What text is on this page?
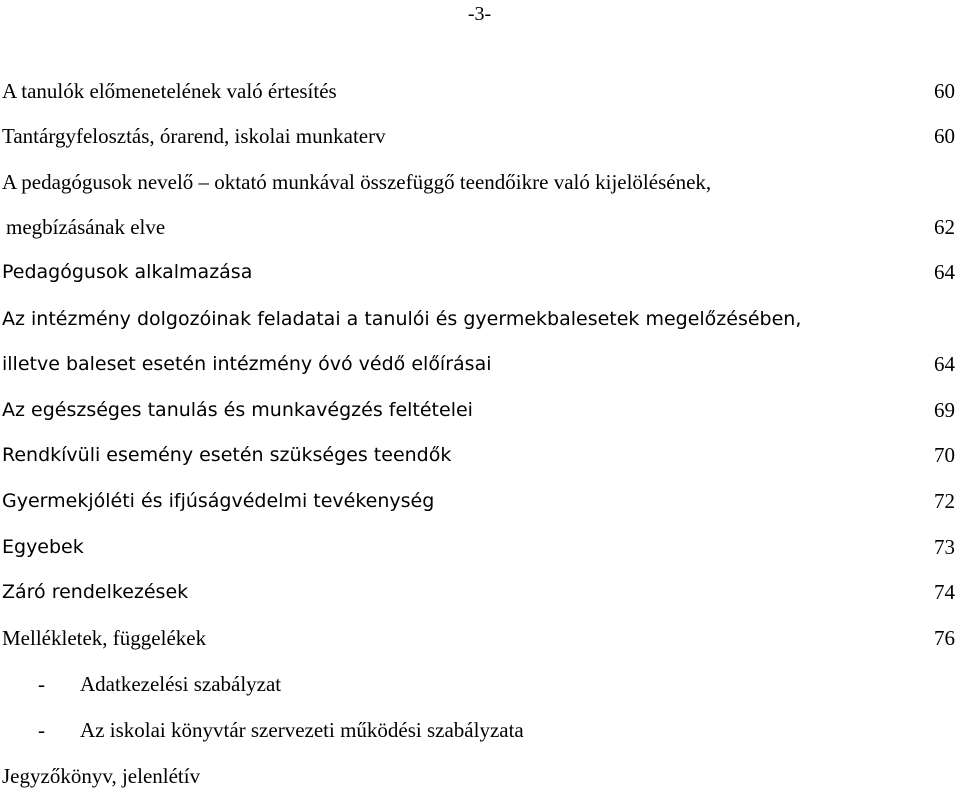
-3-
A tanulók előmenetelének való értesítés	60
Tantárgyfelosztás, órarend, iskolai munkaterv	60
A pedagógusok nevelő – oktató munkával összefüggő teendőikre való kijelölésének,
megbízásának elve	62
Pedagógusok alkalmazása	64
Az intézmény dolgozóinak feladatai a tanulói és gyermekbalesetek megelőzésében,
illetve baleset esetén intézmény óvó védő előírásai	64
Az egészséges tanulás és munkavégzés feltételei	69
Rendkívüli esemény esetén szükséges teendők	70
Gyermekjóléti és ifjúságvédelmi tevékenység	72
Egyebek	73
Záró rendelkezések	74
Mellékletek, függelékek	76
- Adatkezelési szabályzat
- Az iskolai könyvtár szervezeti működési szabályzata
Jegyzőkönyv, jelenlétív
